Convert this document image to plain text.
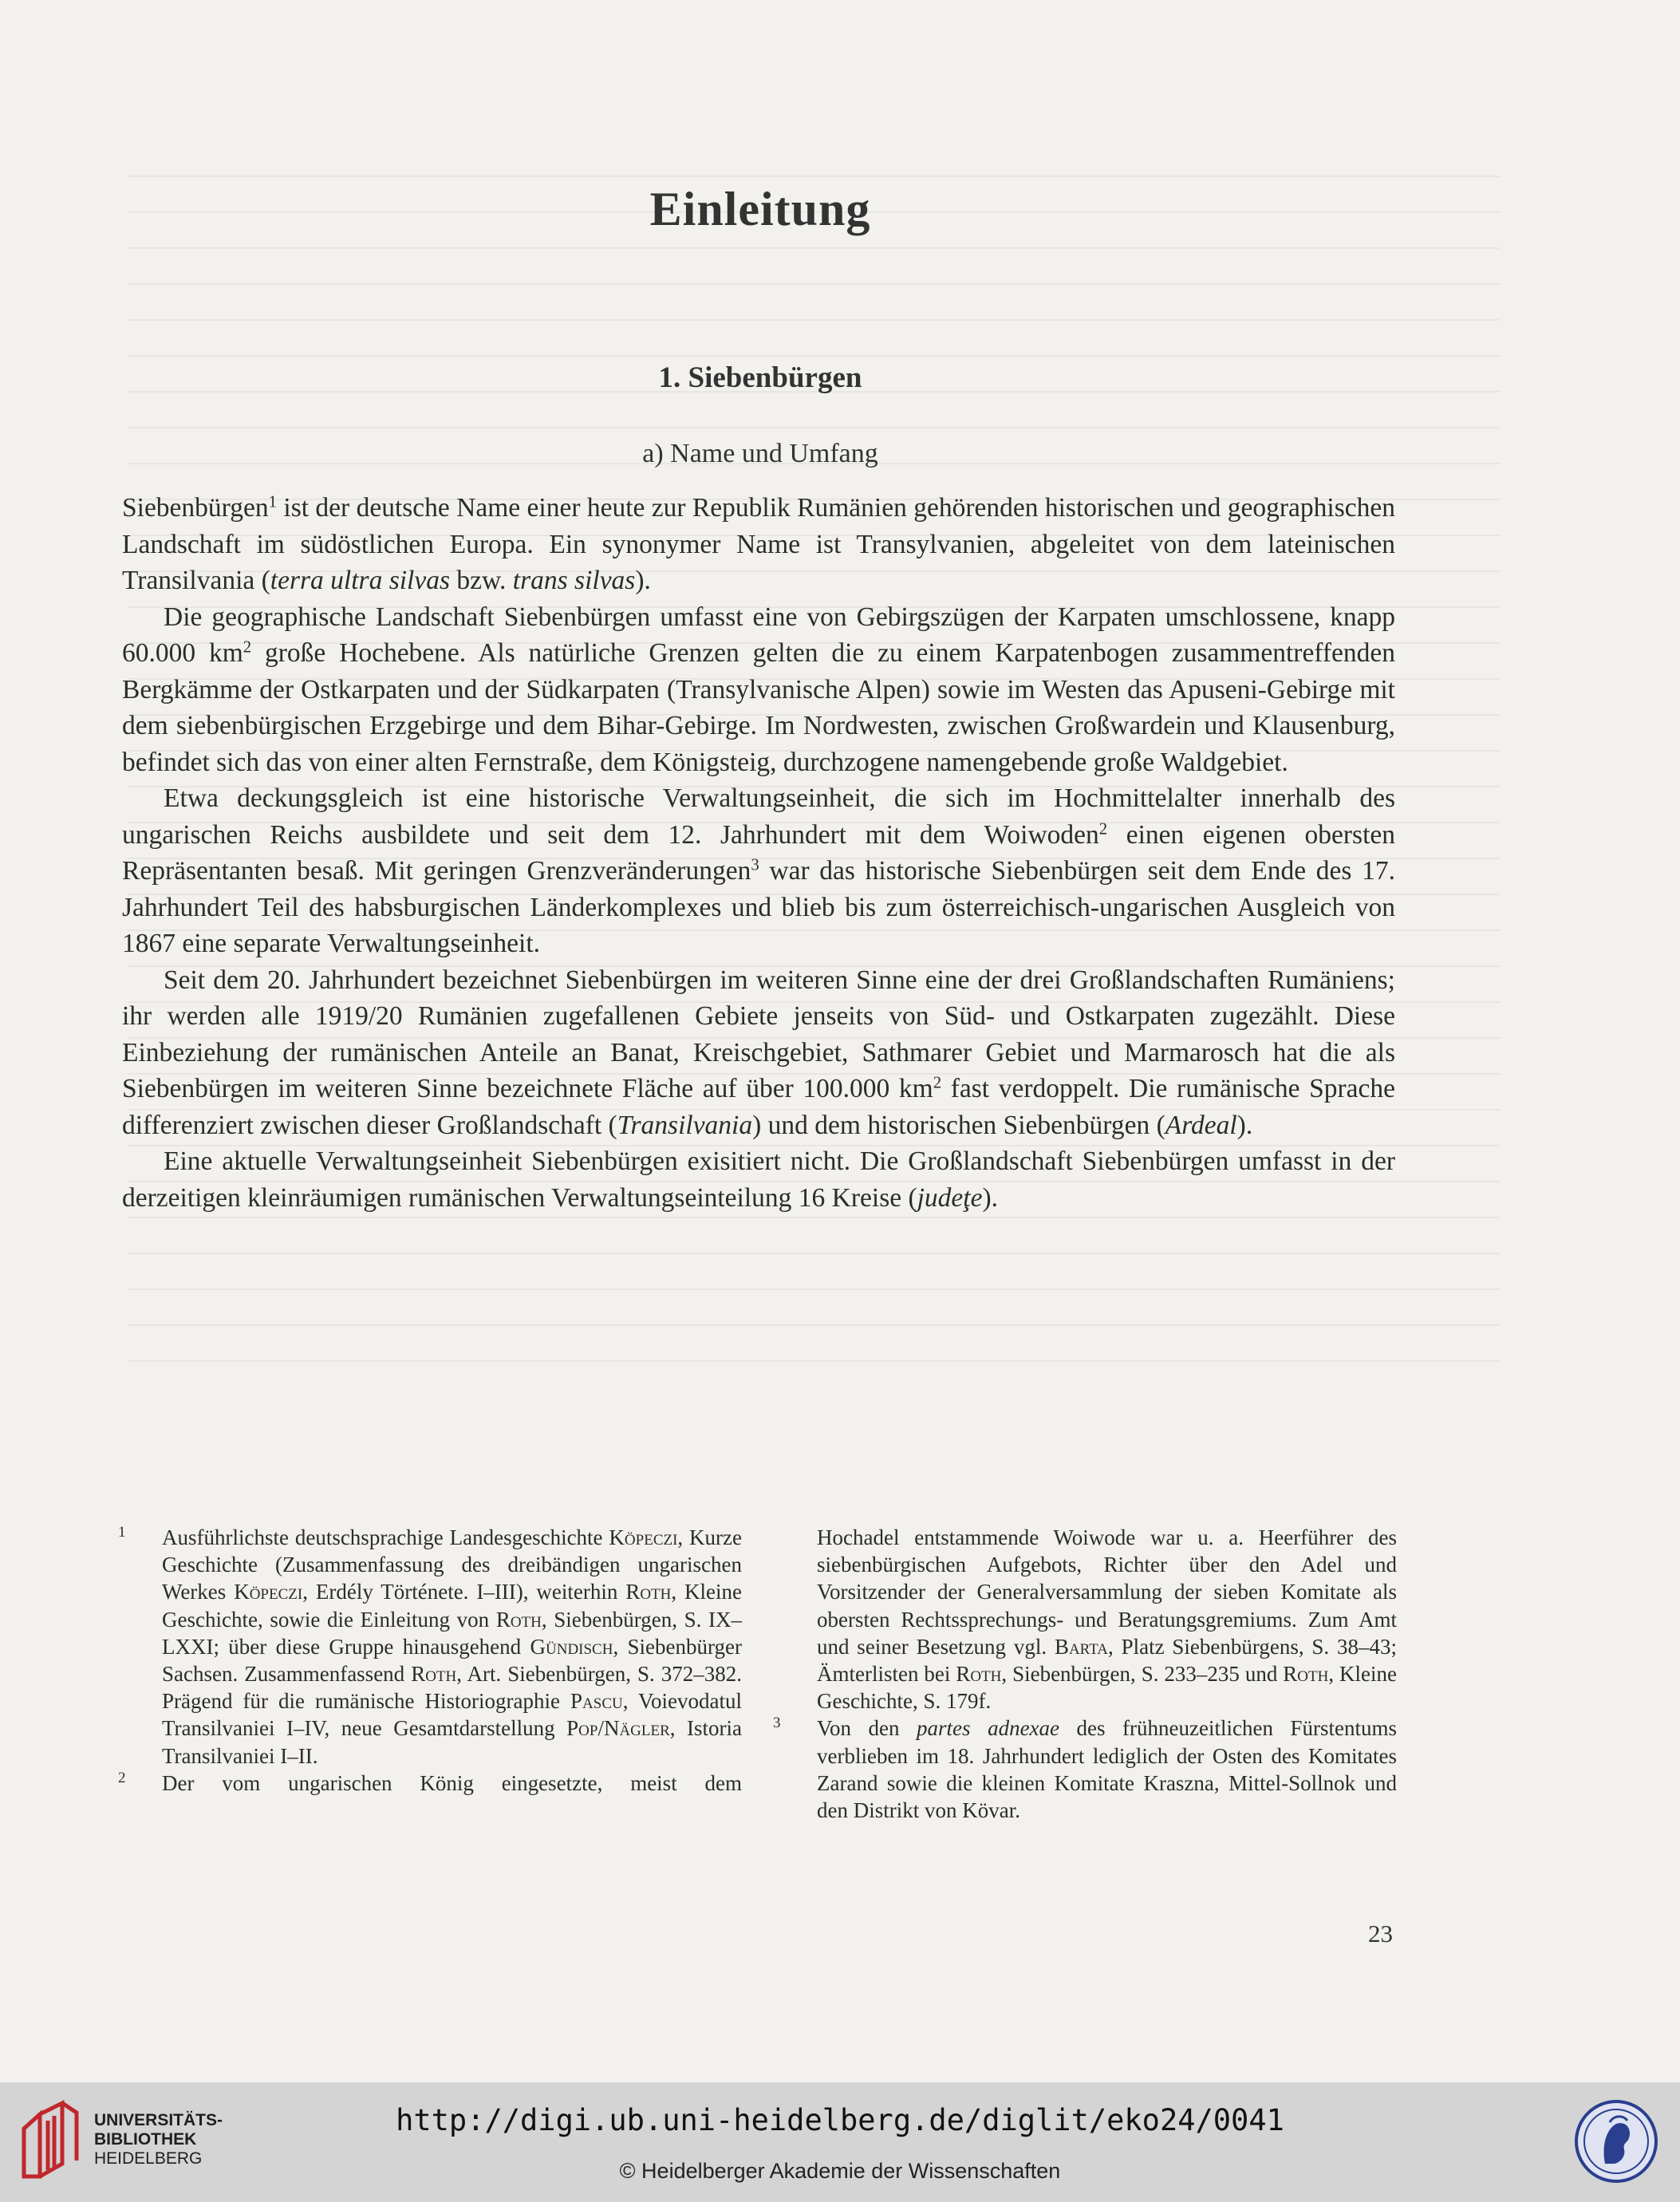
Einleitung
1. Siebenbürgen
a) Name und Umfang

Siebenbürgen$^1$ ist der deutsche Name einer heute zur Republik Rumänien gehörenden historischen und geographischen Landschaft im südöstlichen Europa. Ein synonymer Name ist Transylvanien, abgeleitet von dem lateinischen Transilvania (terra ultra silvas bzw. trans silvas).

Die geographische Landschaft Siebenbürgen umfasst eine von Gebirgszügen der Karpaten umschlossene, knapp 60.000 $km^2$ große Hochebene. Als natürliche Grenzen gelten die zu einem Karpatenbogen zusammentreffenden Bergkämme der Ostkarpaten und der Südkarpaten (Transylvanische Alpen) sowie im Westen das Apuseni-Gebirge mit dem siebenbürgischen Erzgebirge und dem Bihar-Gebirge. Im Nordwesten, zwischen Großwardein und Klausenburg, befindet sich das von einer alten Fernstraße, dem Königsteig, durchzogene namengebende große Waldgebiet.

Etwa deckungsgleich ist eine historische Verwaltungseinheit, die sich im Hochmittelalter innerhalb des ungarischen Reichs ausbildete und seit dem 12. Jahrhundert mit dem Woiwoden$^2$ einen eigenen obersten Repräsentanten besaß. Mit geringen Grenzveränderungen$^3$ war das historische Siebenbürgen seit dem Ende des 17. Jahrhundert Teil des habsburgischen Länderkomplexes und blieb bis zum österreichisch-ungarischen Ausgleich von 1867 eine separate Verwaltungseinheit.

Seit dem 20. Jahrhundert bezeichnet Siebenbürgen im weiteren Sinne eine der drei Großlandschaften Rumäniens; ihr werden alle 1919/20 Rumänien zugefallenen Gebiete jenseits von Süd- und Ostkarpaten zugezählt. Diese Einbeziehung der rumänischen Anteile an Banat, Kreischgebiet, Sathmarer Gebiet und Marmarosch hat die als Siebenbürgen im weiteren Sinne bezeichnete Fläche auf über 100.000 $km^2$ fast verdoppelt. Die rumänische Sprache differenziert zwischen dieser Großlandschaft (Transilvania) und dem historischen Siebenbürgen (Ardeal).

Eine aktuelle Verwaltungseinheit Siebenbürgen exisitiert nicht. Die Großlandschaft Siebenbürgen umfasst in der derzeitigen kleinräumigen rumänischen Verwaltungseinteilung 16 Kreise (judeţe).

1 Ausführlichste deutschsprachige Landesgeschichte Köpeczi, Kurze Geschichte (Zusammenfassung des dreibändigen ungarischen Werkes Köpeczi, Erdély Története. I–III), weiterhin Roth, Kleine Geschichte, sowie die Einleitung von Roth, Siebenbürgen, S. IX–LXXI; über diese Gruppe hinausgehend Gündisch, Siebenbürger Sachsen. Zusammenfassend Roth, Art. Siebenbürgen, S. 372–382. Prägend für die rumänische Historiographie Pascu, Voievodatul Transilvaniei I–IV, neue Gesamtdarstellung Pop/Nägler, Istoria Transilvaniei I–II.

2 Der vom ungarischen König eingesetzte, meist dem

Hochadel entstammende Woiwode war u. a. Heerführer des siebenbürgischen Aufgebots, Richter über den Adel und Vorsitzender der Generalversammlung der sieben Komitate als obersten Rechtssprechungs- und Beratungsgremiums. Zum Amt und seiner Besetzung vgl. Barta, Platz Siebenbürgens, S. 38–43; Ämterlisten bei Roth, Siebenbürgen, S. 233–235 und Roth, Kleine Geschichte, S. 179f.

3 Von den partes adnexae des frühneuzeitlichen Fürstentums verblieben im 18. Jahrhundert lediglich der Osten des Komitates Zarand sowie die kleinen Komitate Kraszna, Mittel-Sollnok und den Distrikt von Kövar.

23
UNIVERSITÄTS-
BIBLIOTHEK
HEIDELBERG
http://digi.ub.uni-heidelberg.de/diglit/eko24/0041
© Heidelberger Akademie der Wissenschaften
